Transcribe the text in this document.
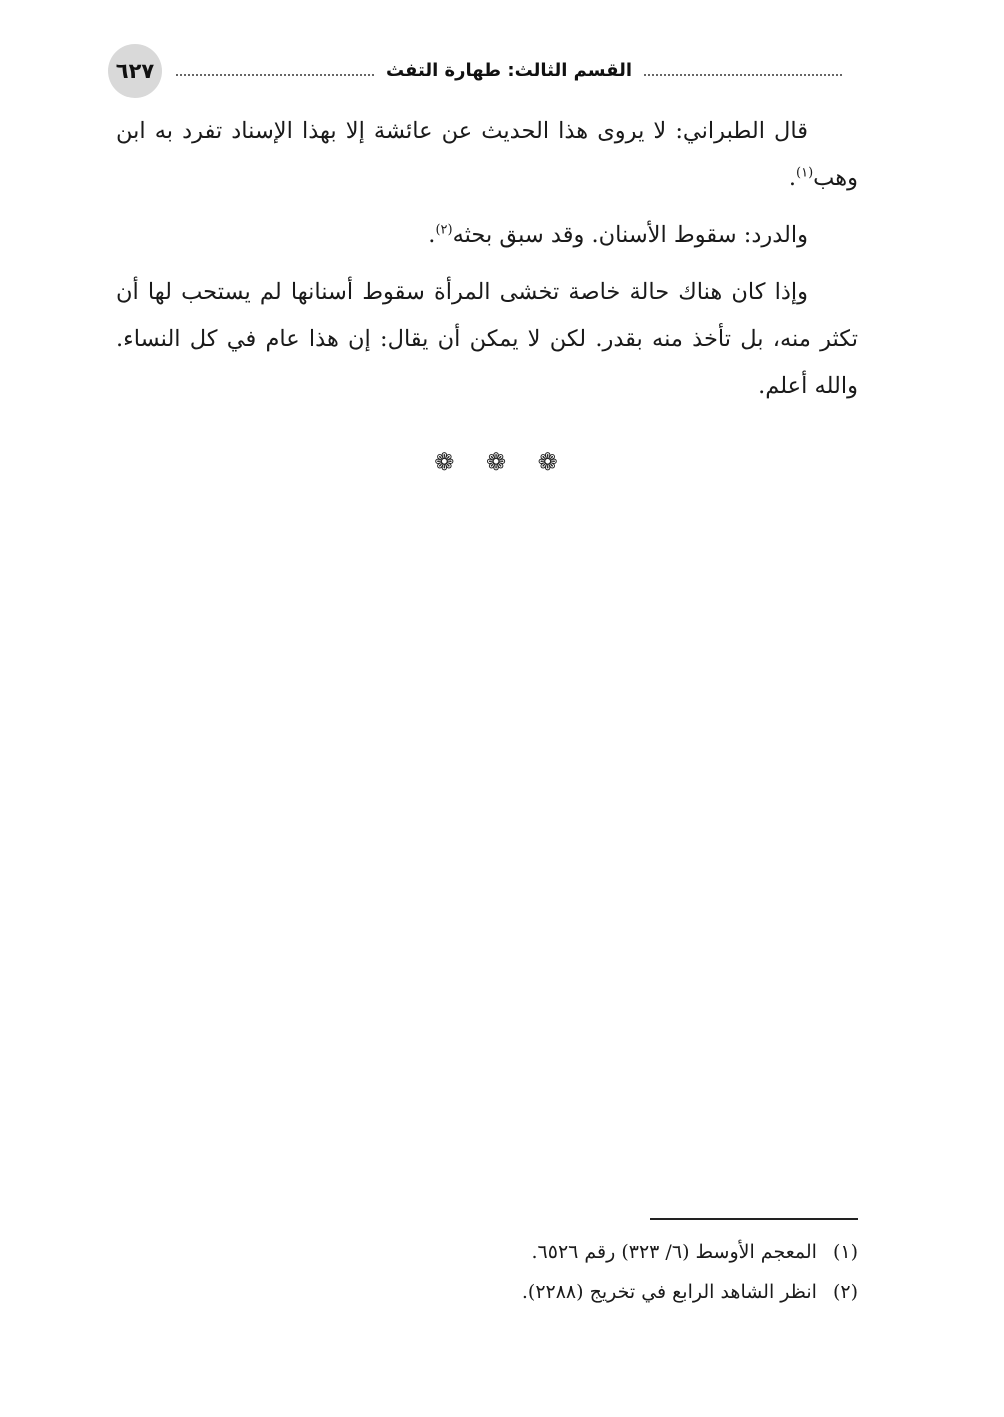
٦٢٧	القسم الثالث: طهارة التفث

قال الطبراني: لا يروى هذا الحديث عن عائشة إلا بهذا الإسناد تفرد به ابن وهب$^{(١)}$.

والدرد: سقوط الأسنان. وقد سبق بحثه$^{(٢)}$.

وإذا كان هناك حالة خاصة تخشى المرأة سقوط أسنانها لم يستحب لها أن تكثر منه، بل تأخذ منه بقدر. لكن لا يمكن أن يقال: إن هذا عام في كل النساء. والله أعلم.

❁ ❁ ❁
(١)المعجم الأوسط (٦/ ٣٢٣) رقم ٦٥٢٦.
(٢)انظر الشاهد الرابع في تخريج (٢٢٨٨).
